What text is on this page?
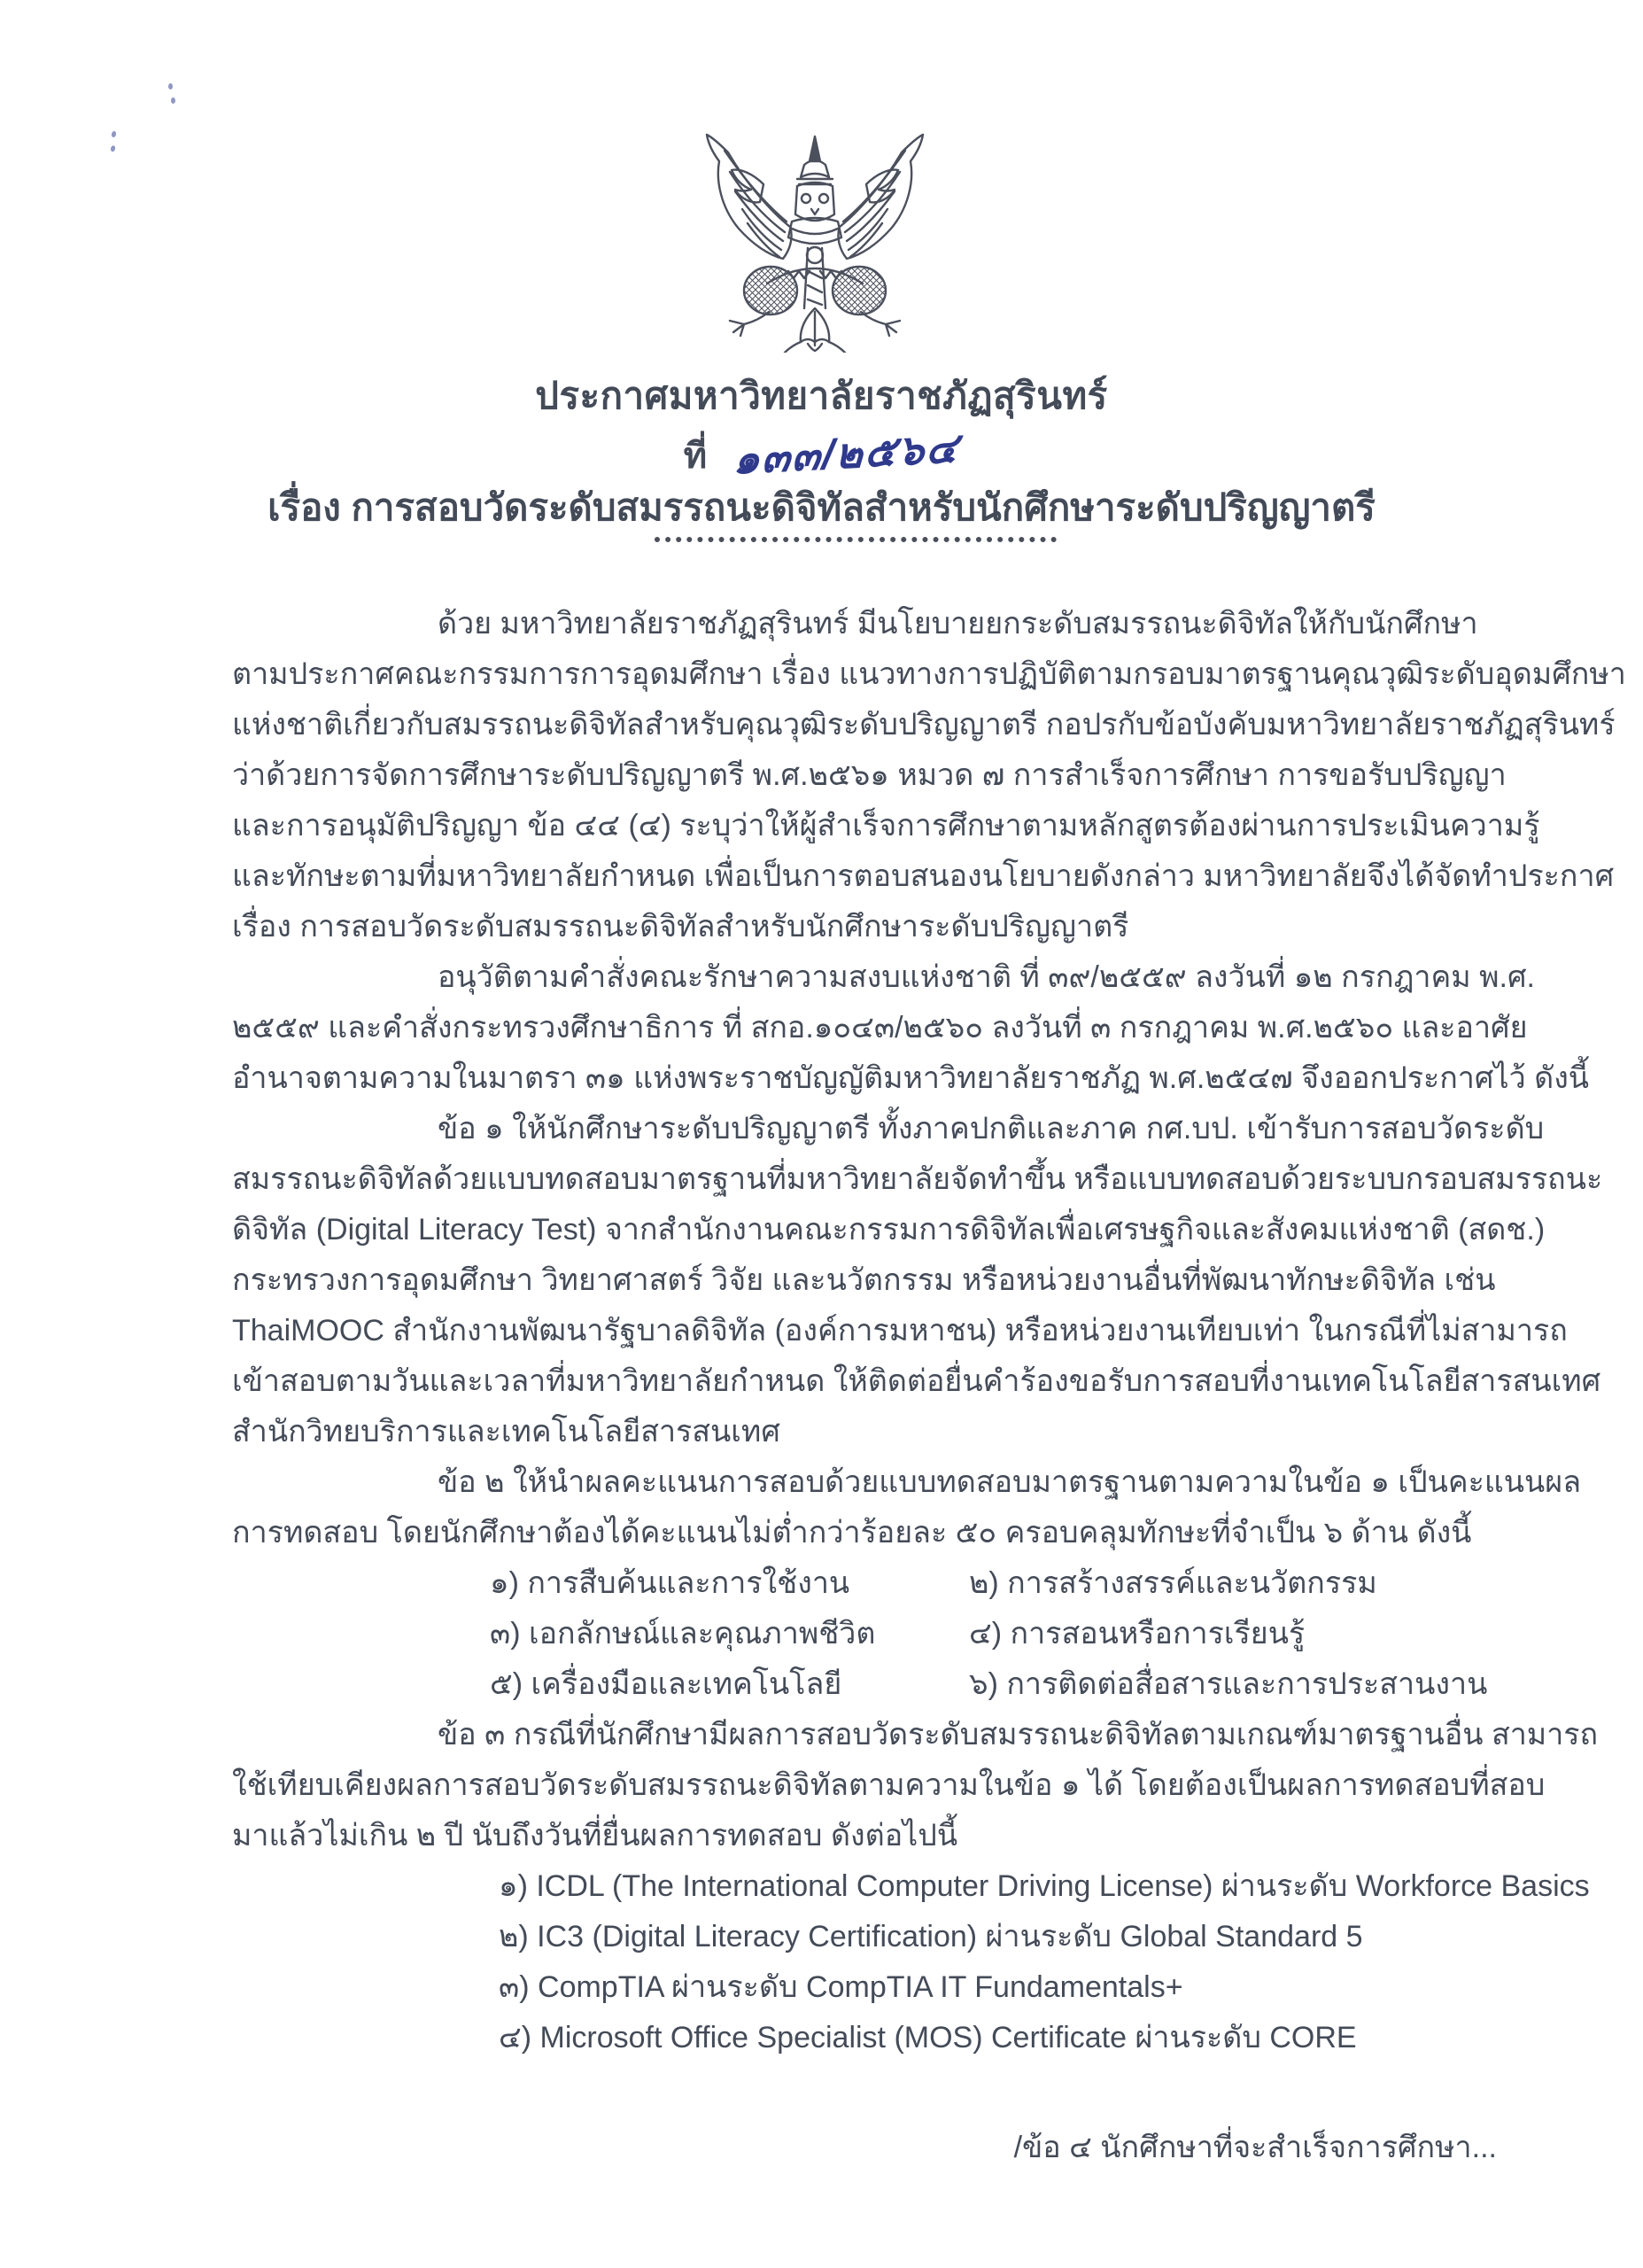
ประกาศมหาวิทยาลัยราชภัฏสุรินทร์
ที่ ๑๓๓/๒๕๖๔
เรื่อง การสอบวัดระดับสมรรถนะดิจิทัลสำหรับนักศึกษาระดับปริญญาตรี
ด้วย มหาวิทยาลัยราชภัฏสุรินทร์ มีนโยบายยกระดับสมรรถนะดิจิทัลให้กับนักศึกษา
ตามประกาศคณะกรรมการการอุดมศึกษา เรื่อง แนวทางการปฏิบัติตามกรอบมาตรฐานคุณวุฒิระดับอุดมศึกษา
แห่งชาติเกี่ยวกับสมรรถนะดิจิทัลสำหรับคุณวุฒิระดับปริญญาตรี กอปรกับข้อบังคับมหาวิทยาลัยราชภัฏสุรินทร์
ว่าด้วยการจัดการศึกษาระดับปริญญาตรี พ.ศ.๒๕๖๑ หมวด ๗ การสำเร็จการศึกษา การขอรับปริญญา
และการอนุมัติปริญญา ข้อ ๔๔ (๔) ระบุว่าให้ผู้สำเร็จการศึกษาตามหลักสูตรต้องผ่านการประเมินความรู้
และทักษะตามที่มหาวิทยาลัยกำหนด เพื่อเป็นการตอบสนองนโยบายดังกล่าว มหาวิทยาลัยจึงได้จัดทำประกาศ
เรื่อง การสอบวัดระดับสมรรถนะดิจิทัลสำหรับนักศึกษาระดับปริญญาตรี
อนุวัติตามคำสั่งคณะรักษาความสงบแห่งชาติ ที่ ๓๙/๒๕๕๙ ลงวันที่ ๑๒ กรกฎาคม พ.ศ.
๒๕๕๙ และคำสั่งกระทรวงศึกษาธิการ ที่ สกอ.๑๐๔๓/๒๕๖๐ ลงวันที่ ๓ กรกฎาคม พ.ศ.๒๕๖๐ และอาศัย
อำนาจตามความในมาตรา ๓๑ แห่งพระราชบัญญัติมหาวิทยาลัยราชภัฏ พ.ศ.๒๕๔๗ จึงออกประกาศไว้ ดังนี้
ข้อ ๑ ให้นักศึกษาระดับปริญญาตรี ทั้งภาคปกติและภาค กศ.บป. เข้ารับการสอบวัดระดับ
สมรรถนะดิจิทัลด้วยแบบทดสอบมาตรฐานที่มหาวิทยาลัยจัดทำขึ้น หรือแบบทดสอบด้วยระบบกรอบสมรรถนะ
ดิจิทัล (Digital Literacy Test) จากสำนักงานคณะกรรมการดิจิทัลเพื่อเศรษฐกิจและสังคมแห่งชาติ (สดช.)
กระทรวงการอุดมศึกษา วิทยาศาสตร์ วิจัย และนวัตกรรม หรือหน่วยงานอื่นที่พัฒนาทักษะดิจิทัล เช่น
ThaiMOOC สำนักงานพัฒนารัฐบาลดิจิทัล (องค์การมหาชน) หรือหน่วยงานเทียบเท่า ในกรณีที่ไม่สามารถ
เข้าสอบตามวันและเวลาที่มหาวิทยาลัยกำหนด ให้ติดต่อยื่นคำร้องขอรับการสอบที่งานเทคโนโลยีสารสนเทศ
สำนักวิทยบริการและเทคโนโลยีสารสนเทศ
ข้อ ๒ ให้นำผลคะแนนการสอบด้วยแบบทดสอบมาตรฐานตามความในข้อ ๑ เป็นคะแนนผล
การทดสอบ โดยนักศึกษาต้องได้คะแนนไม่ต่ำกว่าร้อยละ ๕๐ ครอบคลุมทักษะที่จำเป็น ๖ ด้าน ดังนี้
๑) การสืบค้นและการใช้งาน	๒) การสร้างสรรค์และนวัตกรรม
๓) เอกลักษณ์และคุณภาพชีวิต	๔) การสอนหรือการเรียนรู้
๕) เครื่องมือและเทคโนโลยี	๖) การติดต่อสื่อสารและการประสานงาน
ข้อ ๓ กรณีที่นักศึกษามีผลการสอบวัดระดับสมรรถนะดิจิทัลตามเกณฑ์มาตรฐานอื่น สามารถ
ใช้เทียบเคียงผลการสอบวัดระดับสมรรถนะดิจิทัลตามความในข้อ ๑ ได้ โดยต้องเป็นผลการทดสอบที่สอบ
มาแล้วไม่เกิน ๒ ปี นับถึงวันที่ยื่นผลการทดสอบ ดังต่อไปนี้
๑) ICDL (The International Computer Driving License) ผ่านระดับ Workforce Basics
๒) IC3 (Digital Literacy Certification) ผ่านระดับ Global Standard 5
๓) CompTIA ผ่านระดับ CompTIA IT Fundamentals+
๔) Microsoft Office Specialist (MOS) Certificate ผ่านระดับ CORE
/ข้อ ๔ นักศึกษาที่จะสำเร็จการศึกษา...
